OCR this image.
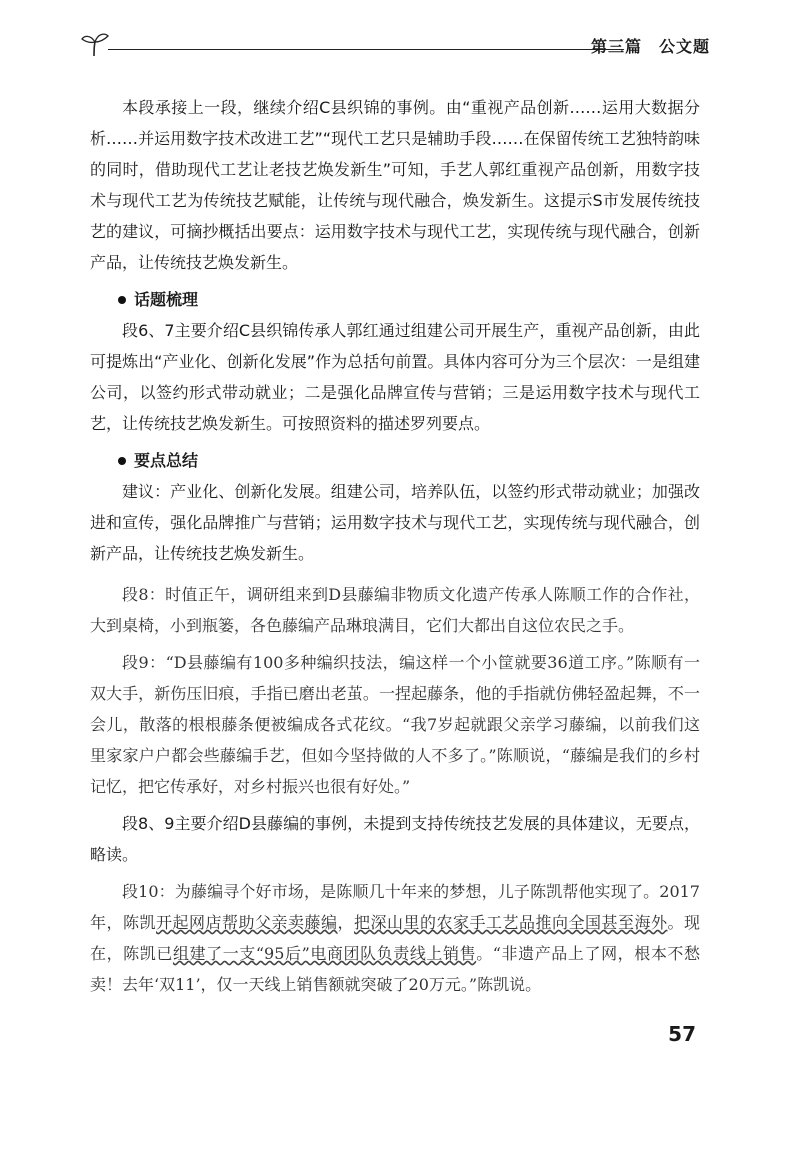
第三篇　公文题

本段承接上一段，继续介绍C县织锦的事例。由“重视产品创新……运用大数据分析……并运用数字技术改进工艺”“现代工艺只是辅助手段……在保留传统工艺独特韵味的同时，借助现代工艺让老技艺焕发新生”可知，手艺人郭红重视产品创新，用数字技术与现代工艺为传统技艺赋能，让传统与现代融合，焕发新生。这提示S市发展传统技艺的建议，可摘抄概括出要点：运用数字技术与现代工艺，实现传统与现代融合，创新产品，让传统技艺焕发新生。

话题梳理

段6、7主要介绍C县织锦传承人郭红通过组建公司开展生产，重视产品创新，由此可提炼出“产业化、创新化发展”作为总括句前置。具体内容可分为三个层次：一是组建公司，以签约形式带动就业；二是强化品牌宣传与营销；三是运用数字技术与现代工艺，让传统技艺焕发新生。可按照资料的描述罗列要点。

要点总结

建议：产业化、创新化发展。组建公司，培养队伍，以签约形式带动就业；加强改进和宣传，强化品牌推广与营销；运用数字技术与现代工艺，实现传统与现代融合，创新产品，让传统技艺焕发新生。

段8：时值正午，调研组来到D县藤编非物质文化遗产传承人陈顺工作的合作社，大到桌椅，小到瓶篓，各色藤编产品琳琅满目，它们大都出自这位农民之手。

段9：“D县藤编有100多种编织技法，编这样一个小筐就要36道工序。”陈顺有一双大手，新伤压旧痕，手指已磨出老茧。一捏起藤条，他的手指就仿佛轻盈起舞，不一会儿，散落的根根藤条便被编成各式花纹。“我7岁起就跟父亲学习藤编，以前我们这里家家户户都会些藤编手艺，但如今坚持做的人不多了。”陈顺说，“藤编是我们的乡村记忆，把它传承好，对乡村振兴也很有好处。”

段8、9主要介绍D县藤编的事例，未提到支持传统技艺发展的具体建议，无要点，略读。

段10：为藤编寻个好市场，是陈顺几十年来的梦想，儿子陈凯帮他实现了。2017年，陈凯开起网店帮助父亲卖藤编，把深山里的农家手工艺品推向全国甚至海外。现在，陈凯已组建了一支“95后”电商团队负责线上销售。“非遗产品上了网，根本不愁卖！去年‘双11’，仅一天线上销售额就突破了20万元。”陈凯说。

57
